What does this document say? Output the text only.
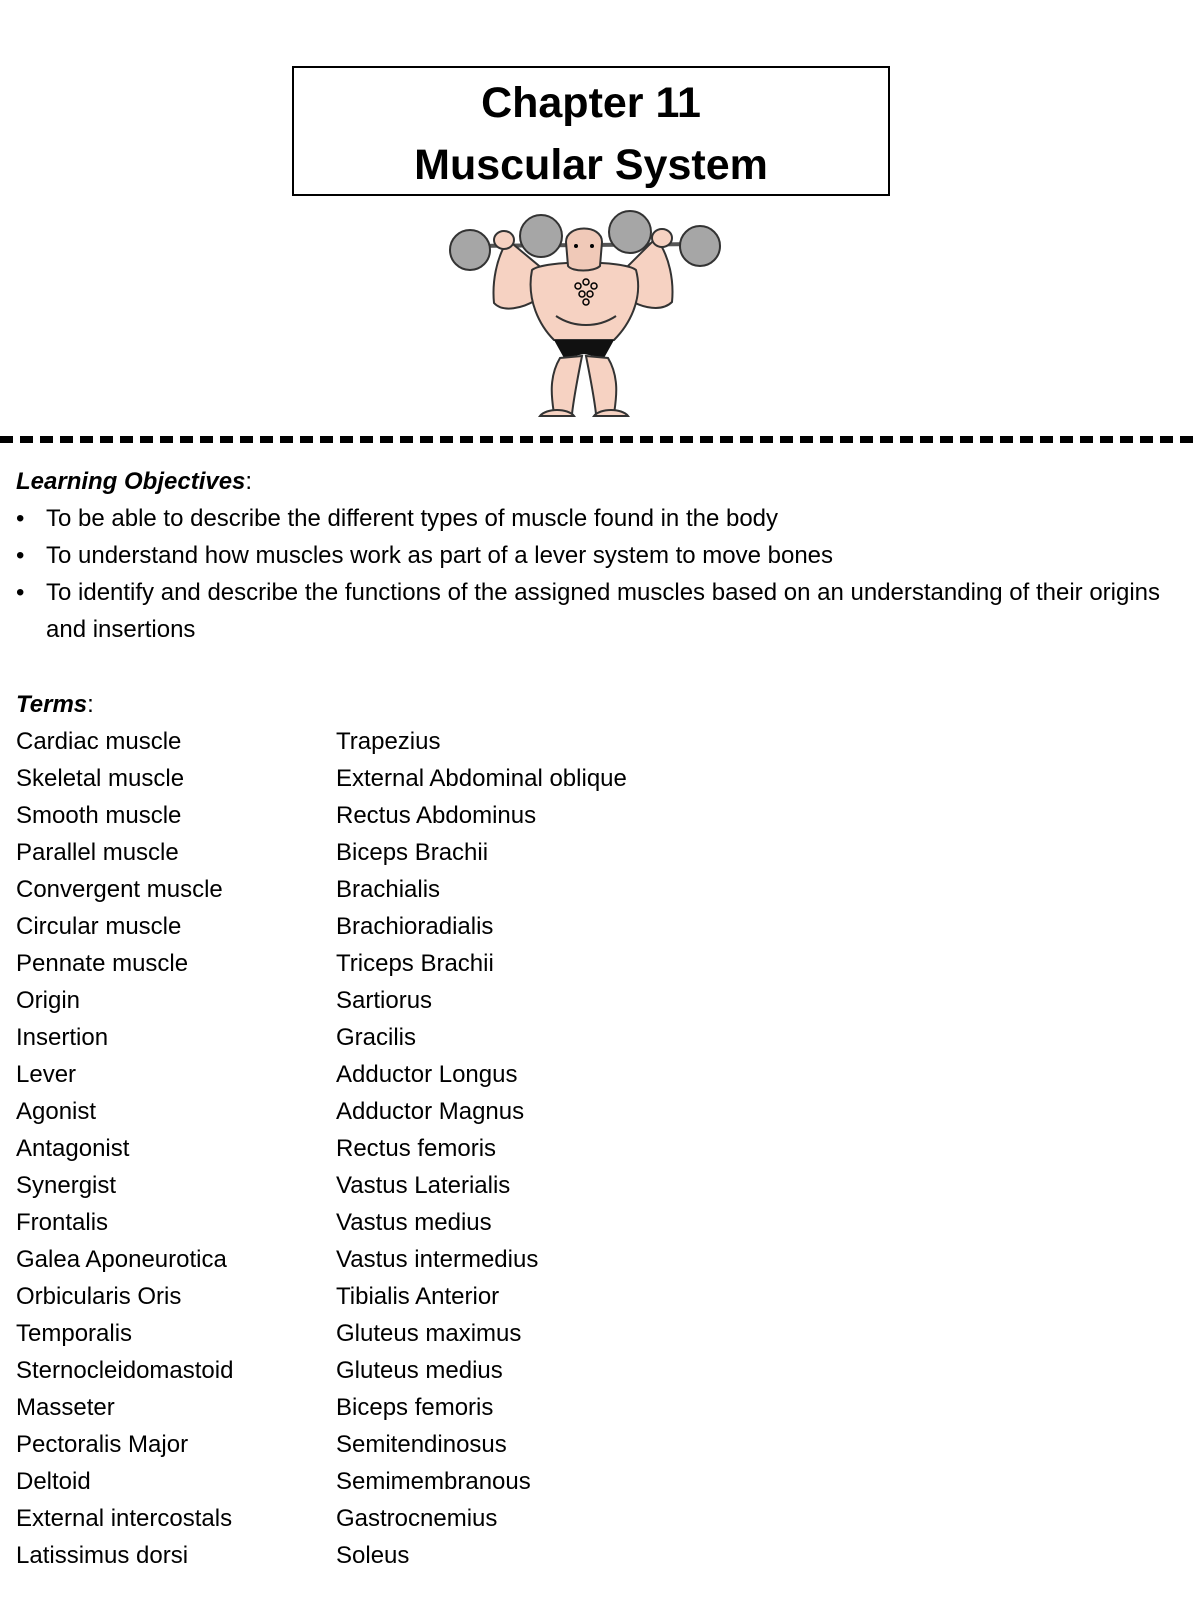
Chapter 11
Muscular System

Learning Objectives:

• To be able to describe the different types of muscle found in the body
• To understand how muscles work as part of a lever system to move bones
• To identify and describe the functions of the assigned muscles based on an understanding of their origins and insertions

Terms:

Cardiac muscle
Skeletal muscle
Smooth muscle
Parallel muscle
Convergent muscle
Circular muscle
Pennate muscle
Origin
Insertion
Lever
Agonist
Antagonist
Synergist
Frontalis
Galea Aponeurotica
Orbicularis Oris
Temporalis
Sternocleidomastoid
Masseter
Pectoralis Major
Deltoid
External intercostals
Latissimus dorsi
Trapezius
External Abdominal oblique
Rectus Abdominus
Biceps Brachii
Brachialis
Brachioradialis
Triceps Brachii
Sartiorus
Gracilis
Adductor Longus
Adductor Magnus
Rectus femoris
Vastus Laterialis
Vastus medius
Vastus intermedius
Tibialis Anterior
Gluteus maximus
Gluteus medius
Biceps femoris
Semitendinosus
Semimembranous
Gastrocnemius
Soleus
